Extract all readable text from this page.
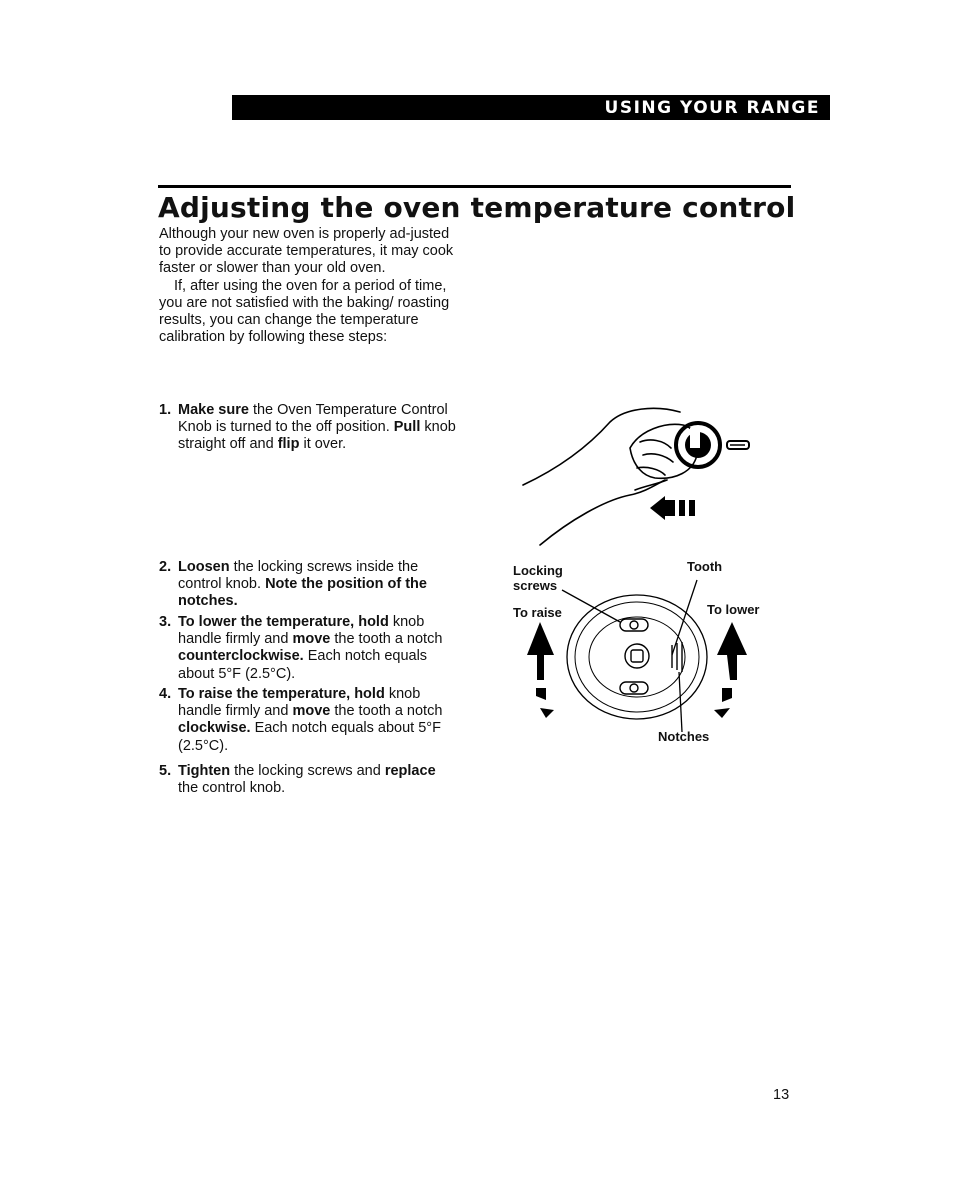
USING YOUR RANGE
Adjusting the oven temperature control

Although your new oven is properly ad-justed to provide accurate temperatures, it may cook faster or slower than your old oven.

If, after using the oven for a period of time, you are not satisfied with the baking/ roasting results, you can change the temperature calibration by following these steps:

1. Make sure the Oven Temperature Control Knob is turned to the off position. Pull knob straight off and flip it over.
2. Loosen the locking screws inside the control knob. Note the position of the notches.
3. To lower the temperature, hold knob handle firmly and move the tooth a notch counterclockwise. Each notch equals about 5°F (2.5°C).
4. To raise the temperature, hold knob handle firmly and move the tooth a notch clockwise. Each notch equals about 5°F (2.5°C).
5. Tighten the locking screws and replace the control knob.
Locking screws
Tooth
To raise	To lower
Notches
13
